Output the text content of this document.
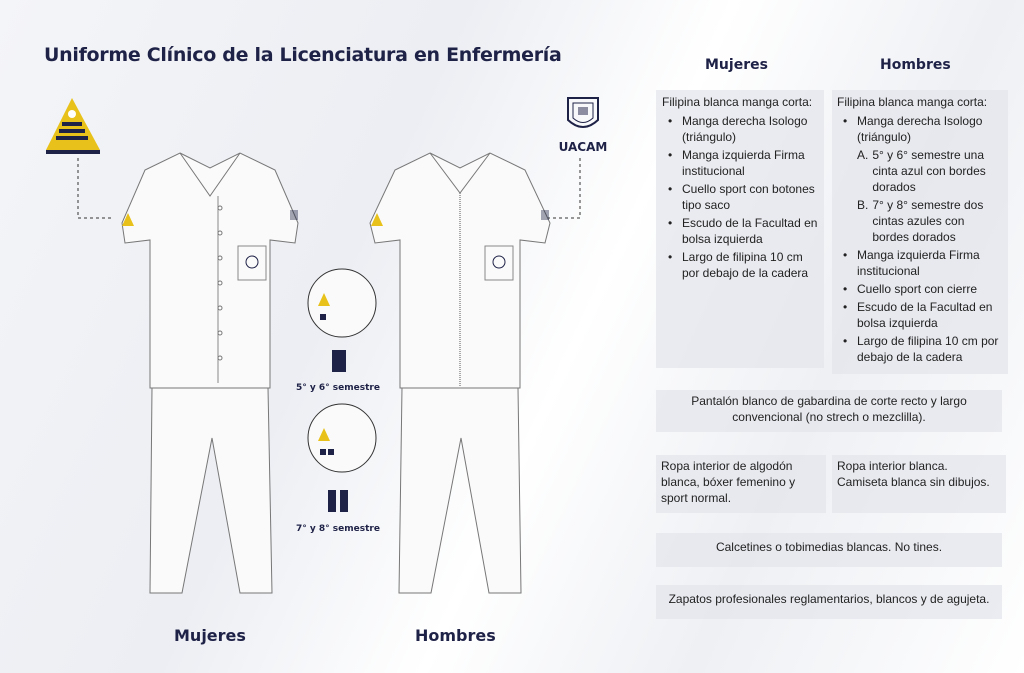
Uniforme Clínico de la Licenciatura en Enfermería
UACAM
5° y 6° semestre
7° y 8° semestre
Mujeres	Hombres
Mujeres	Hombres
Filipina blanca manga corta:
• Manga derecha Isologo (triángulo)
• Manga izquierda Firma institucional
• Cuello sport con botones tipo saco
• Escudo de la Facultad en bolsa izquierda
• Largo de filipina 10 cm por debajo de la cadera
Filipina blanca manga corta:
• Manga derecha Isologo (triángulo)
A. 5° y 6° semestre una cinta azul con bordes dorados
B. 7° y 8° semestre dos cintas azules con bordes dorados
• Manga izquierda Firma institucional
• Cuello sport con cierre
• Escudo de la Facultad en bolsa izquierda
• Largo de filipina 10 cm por debajo de la cadera
Pantalón blanco de gabardina de corte recto y largo convencional (no strech o mezclilla).
Ropa interior de algodón blanca, bóxer femenino y sport normal.
Ropa interior blanca. Camiseta blanca sin dibujos.
Calcetines o tobimedias blancas. No tines.
Zapatos profesionales reglamentarios, blancos y de agujeta.
